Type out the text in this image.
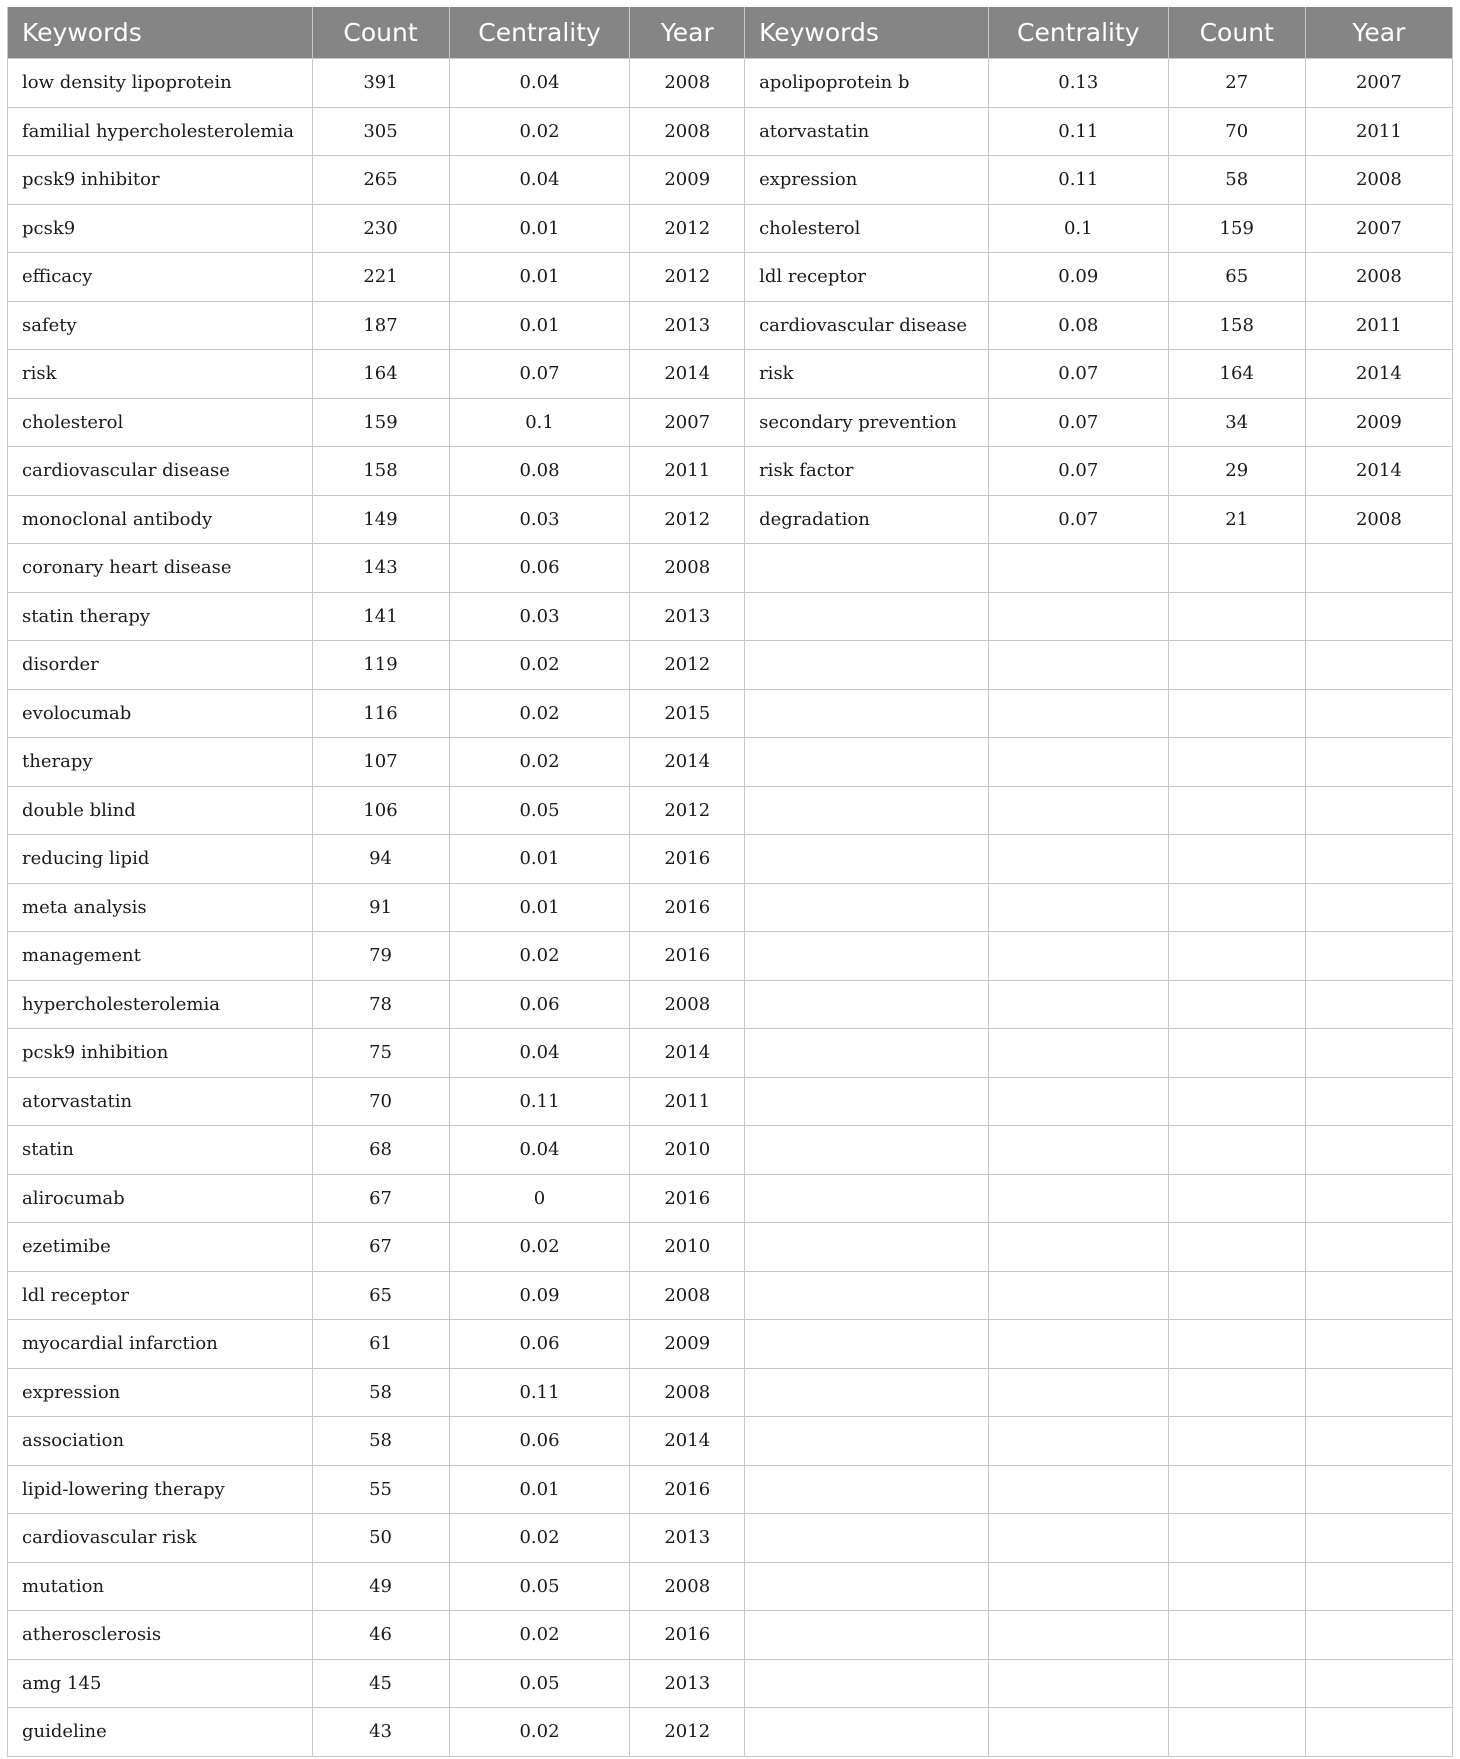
Keywords	Count	Centrality	Year	Keywords	Centrality	Count	Year
low density lipoprotein	391	0.04	2008	apolipoprotein b	0.13	27	2007
familial hypercholesterolemia	305	0.02	2008	atorvastatin	0.11	70	2011
pcsk9 inhibitor	265	0.04	2009	expression	0.11	58	2008
pcsk9	230	0.01	2012	cholesterol	0.1	159	2007
efficacy	221	0.01	2012	ldl receptor	0.09	65	2008
safety	187	0.01	2013	cardiovascular disease	0.08	158	2011
risk	164	0.07	2014	risk	0.07	164	2014
cholesterol	159	0.1	2007	secondary prevention	0.07	34	2009
cardiovascular disease	158	0.08	2011	risk factor	0.07	29	2014
monoclonal antibody	149	0.03	2012	degradation	0.07	21	2008
coronary heart disease	143	0.06	2008				
statin therapy	141	0.03	2013				
disorder	119	0.02	2012				
evolocumab	116	0.02	2015				
therapy	107	0.02	2014				
double blind	106	0.05	2012				
reducing lipid	94	0.01	2016				
meta analysis	91	0.01	2016				
management	79	0.02	2016				
hypercholesterolemia	78	0.06	2008				
pcsk9 inhibition	75	0.04	2014				
atorvastatin	70	0.11	2011				
statin	68	0.04	2010				
alirocumab	67	0	2016				
ezetimibe	67	0.02	2010				
ldl receptor	65	0.09	2008				
myocardial infarction	61	0.06	2009				
expression	58	0.11	2008				
association	58	0.06	2014				
lipid-lowering therapy	55	0.01	2016				
cardiovascular risk	50	0.02	2013				
mutation	49	0.05	2008				
atherosclerosis	46	0.02	2016				
amg 145	45	0.05	2013				
guideline	43	0.02	2012				
